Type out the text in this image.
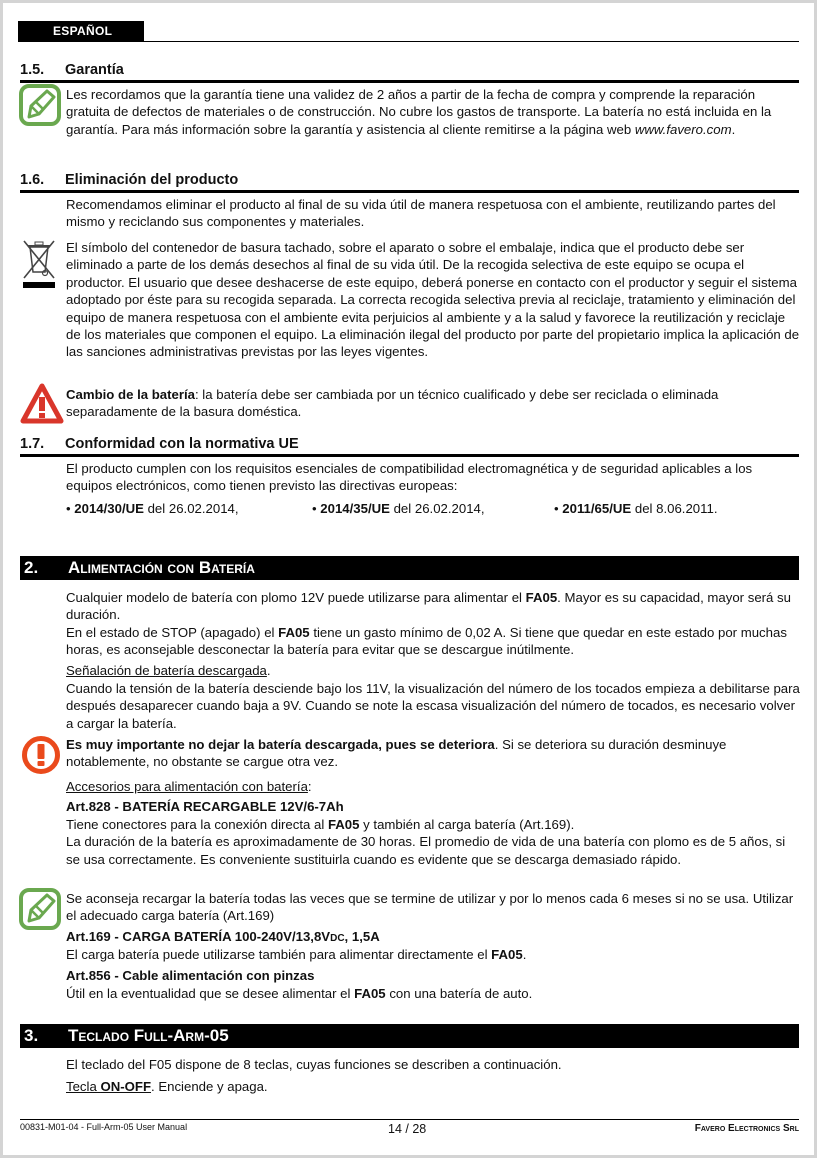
ESPAÑOL
1.5. Garantía
Les recordamos que la garantía tiene una validez de 2 años a partir de la fecha de compra y comprende la reparación gratuita de defectos de materiales o de construcción. No cubre los gastos de transporte. La batería no está incluida en la garantía. Para más información sobre la garantía y asistencia al cliente remitirse a la página web www.favero.com.
1.6. Eliminación del producto
Recomendamos eliminar el producto al final de su vida útil de manera respetuosa con el ambiente, reutilizando partes del mismo y reciclando sus componentes y materiales.
El símbolo del contenedor de basura tachado, sobre el aparato o sobre el embalaje, indica que el producto debe ser eliminado a parte de los demás desechos al final de su vida útil. De la recogida selectiva de este equipo se ocupa el productor. El usuario que desee deshacerse de este equipo, deberá ponerse en contacto con el productor y seguir el sistema adoptado por éste para su recogida separada. La correcta recogida selectiva previa al reciclaje, tratamiento y eliminación del equipo de manera respetuosa con el ambiente evita perjuicios al ambiente y a la salud y favorece la reutilización y reciclaje de los materiales que componen el equipo. La eliminación ilegal del producto por parte del propietario implica la aplicación de las sanciones administrativas previstas por las leyes vigentes.
Cambio de la batería: la batería debe ser cambiada por un técnico cualificado y debe ser reciclada o eliminada separadamente de la basura doméstica.
1.7. Conformidad con la normativa UE
El producto cumplen con los requisitos esenciales de compatibilidad electromagnética y de seguridad aplicables a los equipos electrónicos, como tienen previsto las directivas europeas:
• 2014/30/UE del 26.02.2014,	• 2014/35/UE del 26.02.2014,	• 2011/65/UE del 8.06.2011.
2. Alimentación con Batería
Cualquier modelo de batería con plomo 12V puede utilizarse para alimentar el FA05. Mayor es su capacidad, mayor será su duración.
En el estado de STOP (apagado) el FA05 tiene un gasto mínimo de 0,02 A. Si tiene que quedar en este estado por muchas horas, es aconsejable desconectar la batería para evitar que se descargue inútilmente.
Señalación de batería descargada.
Cuando la tensión de la batería desciende bajo los 11V, la visualización del número de los tocados empieza a debilitarse para después desaparecer cuando baja a 9V. Cuando se note la escasa visualización del número de tocados, es necesario volver a cargar la batería.
Es muy importante no dejar la batería descargada, pues se deteriora. Si se deteriora su duración desminuye notablemente, no obstante se cargue otra vez.
Accesorios para alimentación con batería:
Art.828 - BATERÍA RECARGABLE 12V/6-7Ah
Tiene conectores para la conexión directa al FA05 y también al carga batería (Art.169).
La duración de la batería es aproximadamente de 30 horas. El promedio de vida de una batería con plomo es de 5 años, si se usa correctamente. Es conveniente sustituirla cuando es evidente que se descarga demasiado rápido.
Se aconseja recargar la batería todas las veces que se termine de utilizar y por lo menos cada 6 meses si no se usa. Utilizar el adecuado carga batería (Art.169)
Art.169 - CARGA BATERÍA 100-240V/13,8VDC, 1,5A
El carga batería puede utilizarse también para alimentar directamente el FA05.
Art.856 - Cable alimentación con pinzas
Útil en la eventualidad que se desee alimentar el FA05 con una batería de auto.
3. Teclado Full-Arm-05
El teclado del F05 dispone de 8 teclas, cuyas funciones se describen a continuación.
Tecla ON-OFF. Enciende y apaga.
00831-M01-04 - Full-Arm-05 User Manual	14 / 28	Favero Electronics Srl
